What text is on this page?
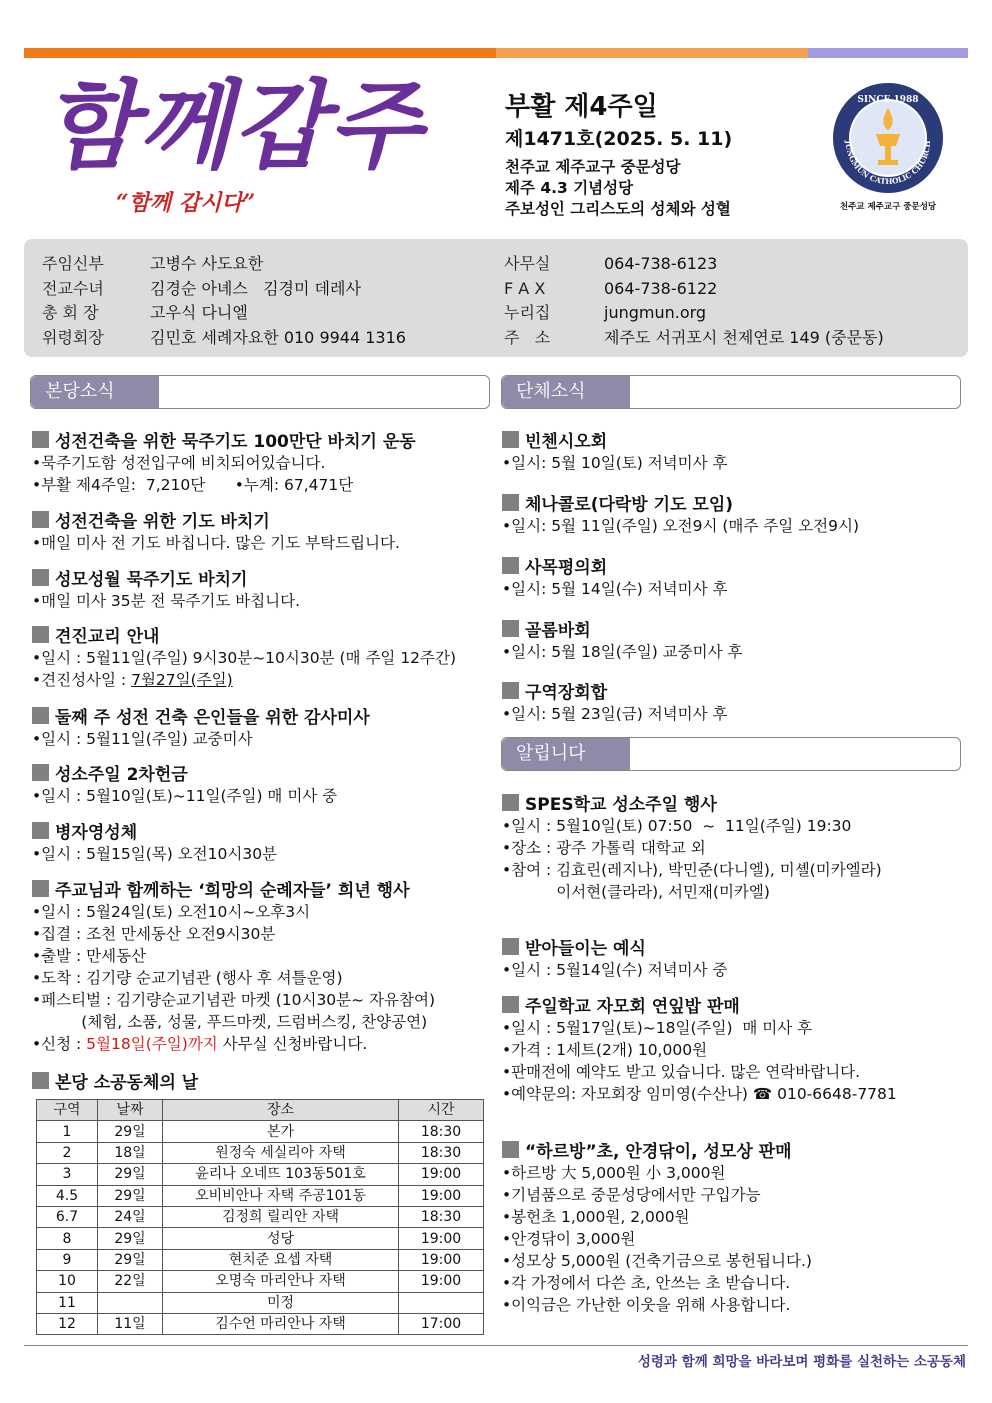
함께갑주
“함께 갑시다”
부활 제4주일
제1471호(2025. 5. 11)
천주교 제주교구 중문성당
제주 4.3 기념성당
주보성인 그리스도의 성체와 성혈
SINCE 1988
JUNGMUN CATHOLIC CHURCH
천주교 제주교구 중문성당
주임신부	고병수 사도요한
전교수녀	김경순 아녜스   김경미 데레사
총 회 장	고우식 다니엘
위령회장	김민호 세례자요한 010 9944 1316
사무실	064-738-6123
F A X	064-738-6122
누리집	jungmun.org
주   소	제주도 서귀포시 천제연로 149 (중문동)
본당소식	단체소식
알립니다
성전건축을 위한 묵주기도 100만단 바치기 운동
•묵주기도함 성전입구에 비치되어있습니다.
•부활 제4주일:  7,210단      •누계: 67,471단
성전건축을 위한 기도 바치기
•매일 미사 전 기도 바칩니다. 많은 기도 부탁드립니다.
성모성월 묵주기도 바치기
•매일 미사 35분 전 묵주기도 바칩니다.
견진교리 안내
•일시 : 5월11일(주일) 9시30분~10시30분 (매 주일 12주간)
•견진성사일 : 7월27일(주일)
둘째 주 성전 건축 은인들을 위한 감사미사
•일시 : 5월11일(주일) 교중미사
성소주일 2차헌금
•일시 : 5월10일(토)~11일(주일) 매 미사 중
병자영성체
•일시 : 5월15일(목) 오전10시30분
주교님과 함께하는 ‘희망의 순례자들’ 희년 행사
•일시 : 5월24일(토) 오전10시~오후3시
•집결 : 조천 만세동산 오전9시30분
•출발 : 만세동산
•도착 : 김기량 순교기념관 (행사 후 셔틀운영)
•페스티벌 : 김기량순교기념관 마켓 (10시30분~ 자유참여)
(체험, 소품, 성물, 푸드마켓, 드럼버스킹, 찬양공연)
•신청 : 5월18일(주일)까지 사무실 신청바랍니다.
본당 소공동체의 날
구역	날짜	장소	시간
1	29일	본가	18:30
2	18일	원정숙 세실리아 자택	18:30
3	29일	윤리나 오네뜨 103동501호	19:00
4.5	29일	오비비안나 자택 주공101동	19:00
6.7	24일	김정희 릴리안 자택	18:30
8	29일	성당	19:00
9	29일	현치준 요셉 자택	19:00
10	22일	오명숙 마리안나 자택	19:00
11		미정	
12	11일	김수언 마리안나 자택	17:00
빈첸시오회
•일시: 5월 10일(토) 저녁미사 후
체나콜로(다락방 기도 모임)
•일시: 5월 11일(주일) 오전9시 (매주 주일 오전9시)
사목평의회
•일시: 5월 14일(수) 저녁미사 후
골롬바회
•일시: 5월 18일(주일) 교중미사 후
구역장회합
•일시: 5월 23일(금) 저녁미사 후
SPES학교 성소주일 행사
•일시 : 5월10일(토) 07:50  ~  11일(주일) 19:30
•장소 : 광주 가톨릭 대학교 외
•참여 : 김효린(레지나), 박민준(다니엘), 미셸(미카엘라)
이서현(클라라), 서민재(미카엘)
받아들이는 예식
•일시 : 5월14일(수) 저녁미사 중
주일학교 자모회 연잎밥 판매
•일시 : 5월17일(토)~18일(주일)  매 미사 후
•가격 : 1세트(2개) 10,000원
•판매전에 예약도 받고 있습니다. 많은 연락바랍니다.
•예약문의: 자모회장 임미영(수산나) ☎ 010-6648-7781
“하르방”초, 안경닦이, 성모상 판매
•하르방 大 5,000원 小 3,000원
•기념품으로 중문성당에서만 구입가능
•봉헌초 1,000원, 2,000원
•안경닦이 3,000원
•성모상 5,000원 (건축기금으로 봉헌됩니다.)
•각 가정에서 다쓴 초, 안쓰는 초 받습니다.
•이익금은 가난한 이웃을 위해 사용합니다.
성령과 함께 희망을 바라보며 평화를 실천하는 소공동체
